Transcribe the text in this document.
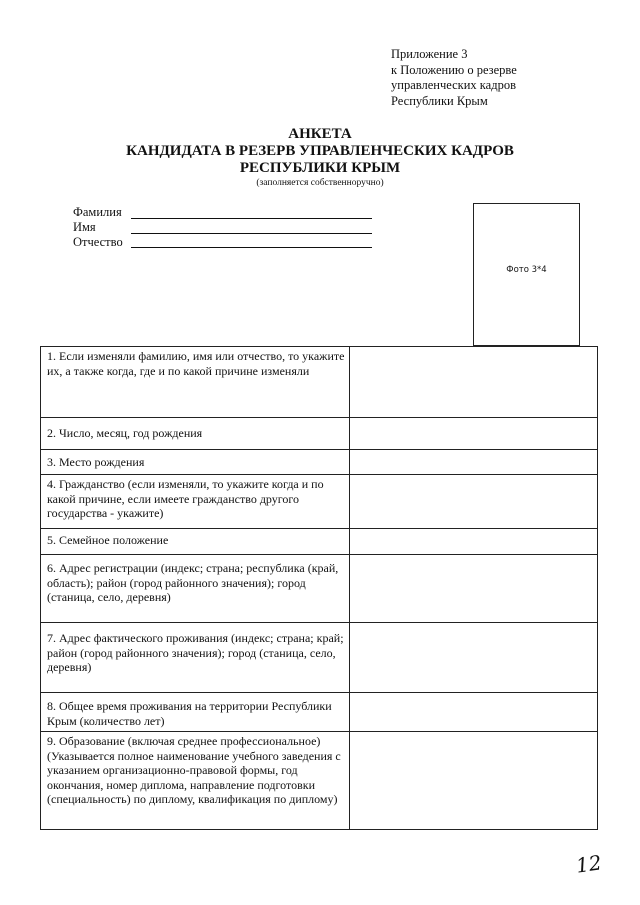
Приложение 3
к Положению о резерве
управленческих кадров
Республики Крым
АНКЕТА
КАНДИДАТА В РЕЗЕРВ УПРАВЛЕНЧЕСКИХ КАДРОВ
РЕСПУБЛИКИ КРЫМ
(заполняется собственноручно)
Фамилия
Имя
Отчество
Фото 3*4
1. Если изменяли фамилию, имя или отчество, то укажите их, а также когда, где и по какой причине изменяли	
2. Число, месяц, год рождения	
3. Место рождения	
4. Гражданство (если изменяли, то укажите когда и по какой причине, если имеете гражданство другого государства - укажите)	
5. Семейное положение	
6. Адрес регистрации (индекс; страна; республика (край, область); район (город районного значения); город (станица, село, деревня)	
7. Адрес фактического проживания (индекс; страна; край; район (город районного значения); город (станица, село, деревня)	
8. Общее время проживания на территории Республики Крым (количество лет)	
9. Образование (включая среднее профессиональное) (Указывается полное наименование учебного заведения с указанием организационно-правовой формы, год окончания, номер диплома, направление подготовки (специальность) по диплому, квалификация по диплому)	
12
